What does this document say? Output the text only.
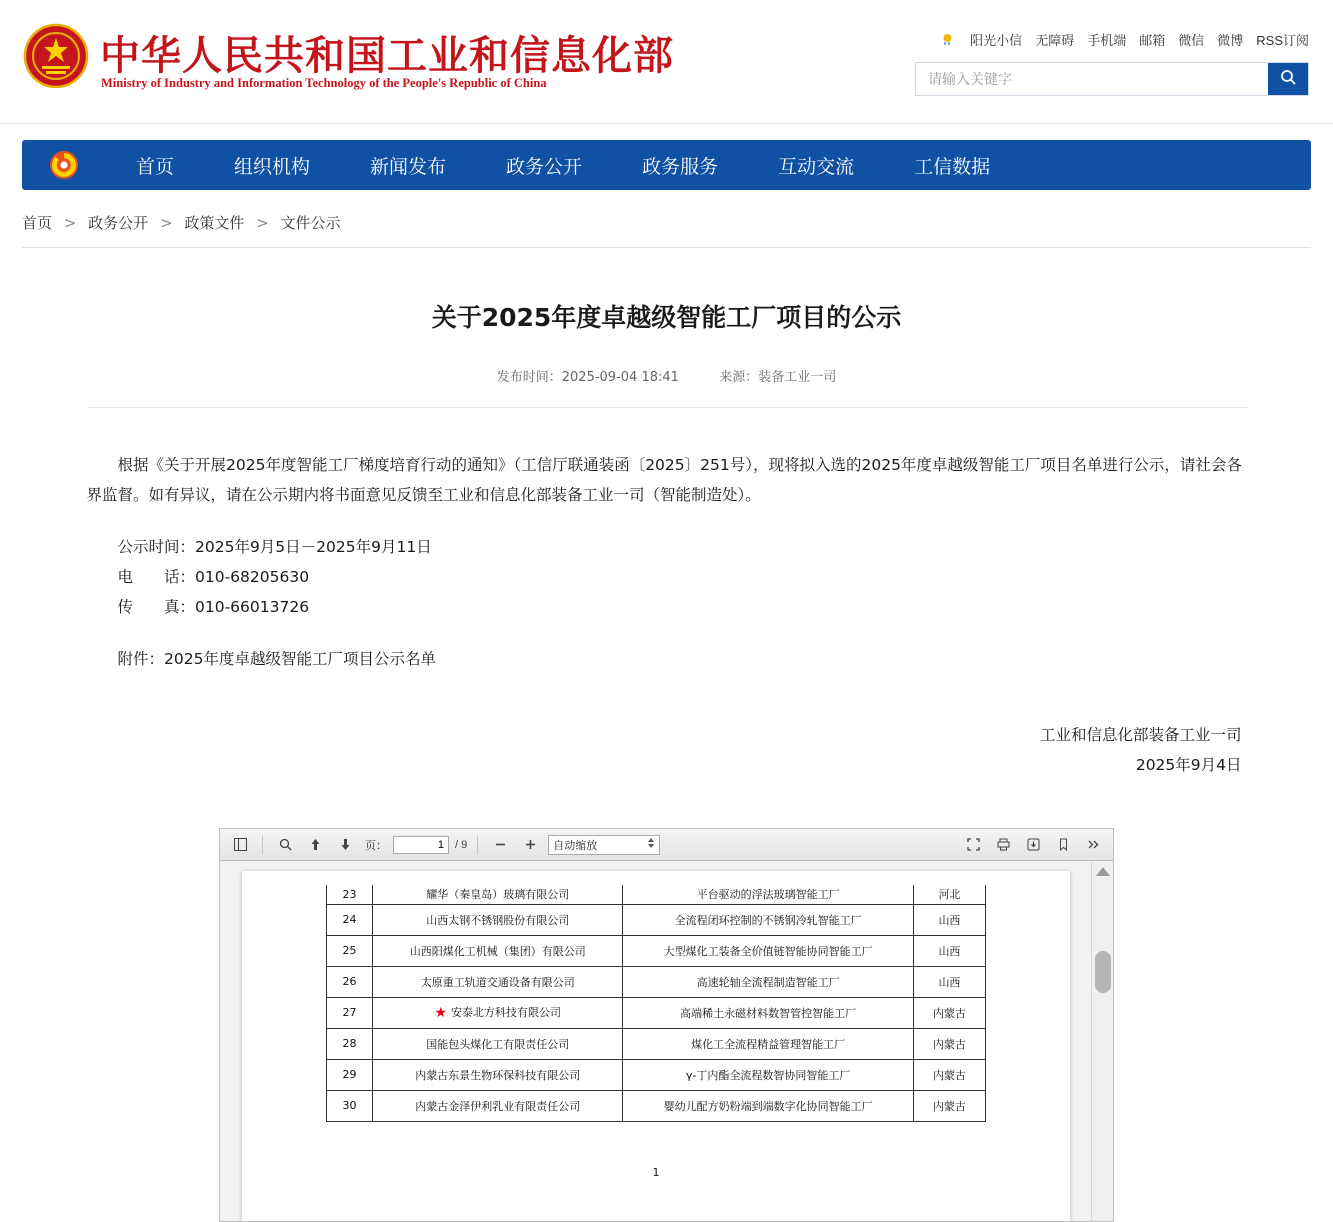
中华人民共和国工业和信息化部
Ministry of Industry and Information Technology of the People's Republic of China
阳光小信 无障碍 手机端 邮箱 微信 微博 RSS订阅
请输入关键字
首页	组织机构	新闻发布	政务公开	政务服务	互动交流	工信数据
首页 > 政务公开 > 政策文件 > 文件公示
关于2025年度卓越级智能工厂项目的公示
发布时间：2025-09-04 18:41	来源：装备工业一司

根据《关于开展2025年度智能工厂梯度培育行动的通知》（工信厅联通装函〔2025〕251号），现将拟入选的2025年度卓越级智能工厂项目名单进行公示，请社会各界监督。如有异议，请在公示期内将书面意见反馈至工业和信息化部装备工业一司（智能制造处）。

公示时间：2025年9月5日－2025年9月11日

电　　话：010-68205630

传　　真：010-66013726

附件：2025年度卓越级智能工厂项目公示名单

工业和信息化部装备工业一司
2025年9月4日
页：
1	/ 9	自动缩放
23	耀华（秦皇岛）玻璃有限公司	平台驱动的浮法玻璃智能工厂	河北
24	山西太钢不锈钢股份有限公司	全流程闭环控制的不锈钢冷轧智能工厂	山西
25	山西阳煤化工机械（集团）有限公司	大型煤化工装备全价值链智能协同智能工厂	山西
26	太原重工轨道交通设备有限公司	高速轮轴全流程制造智能工厂	山西
27	★ 安泰北方科技有限公司	高端稀土永磁材料数智管控智能工厂	内蒙古
28	国能包头煤化工有限责任公司	煤化工全流程精益管理智能工厂	内蒙古
29	内蒙古东景生物环保科技有限公司	γ-丁内酯全流程数智协同智能工厂	内蒙古
30	内蒙古金泽伊利乳业有限责任公司	婴幼儿配方奶粉端到端数字化协同智能工厂	内蒙古
1
